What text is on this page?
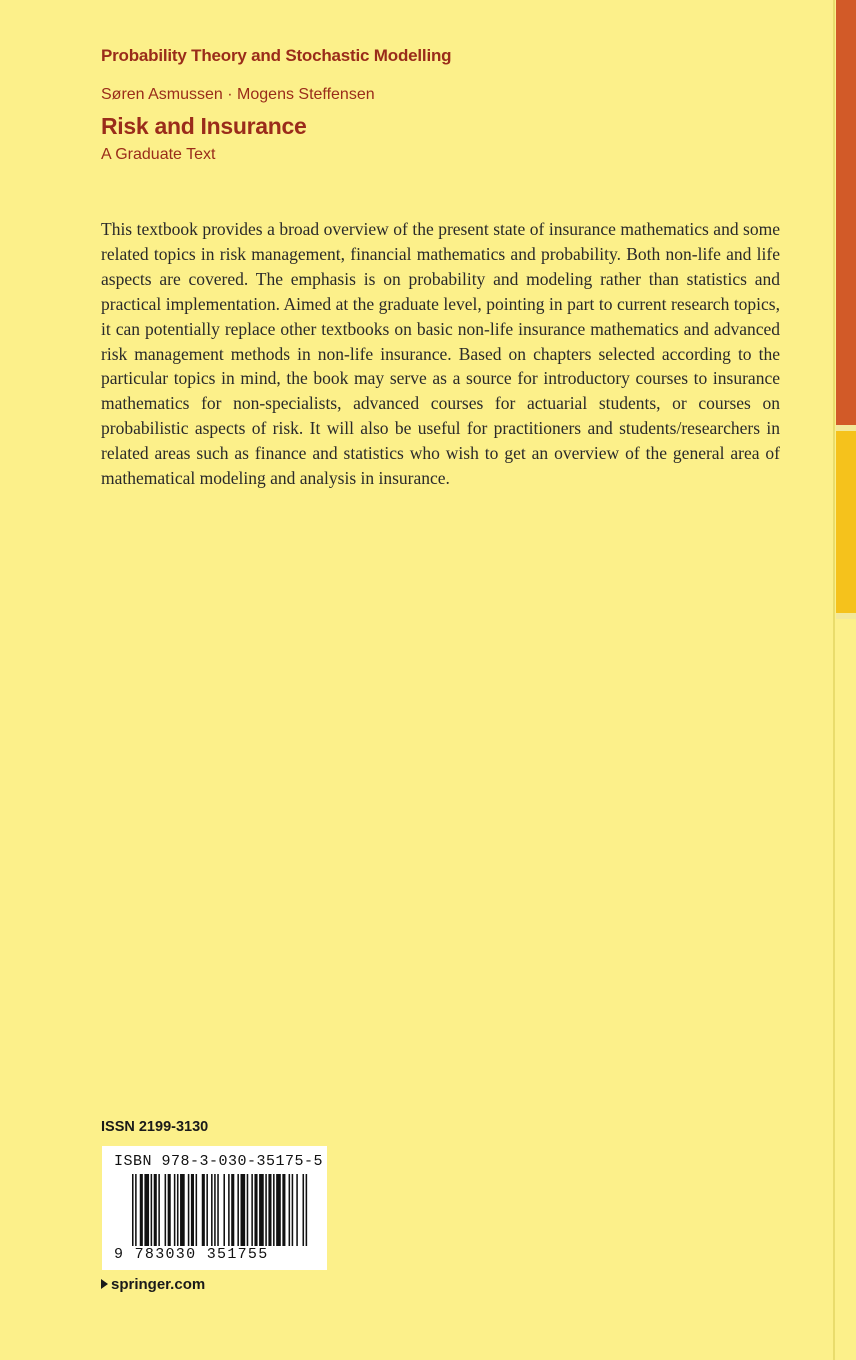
Probability Theory and Stochastic Modelling
Søren Asmussen · Mogens Steffensen
Risk and Insurance
A Graduate Text

This textbook provides a broad overview of the present state of insurance mathematics and some related topics in risk management, financial mathematics and probability. Both non-life and life aspects are covered. The emphasis is on probability and modeling rather than statistics and practical implementation. Aimed at the graduate level, pointing in part to current research topics, it can potentially replace other textbooks on basic non-life insurance mathematics and advanced risk management methods in non-life insurance. Based on chapters selected according to the particular topics in mind, the book may serve as a source for introductory courses to insurance mathematics for non-specialists, advanced courses for actuarial students, or courses on probabilistic aspects of risk. It will also be useful for practitioners and students/researchers in related areas such as finance and statistics who wish to get an overview of the general area of mathematical modeling and analysis in insurance.

ISSN 2199-3130
ISBN 978-3-030-35175-5
9 783030 351755
springer.com
